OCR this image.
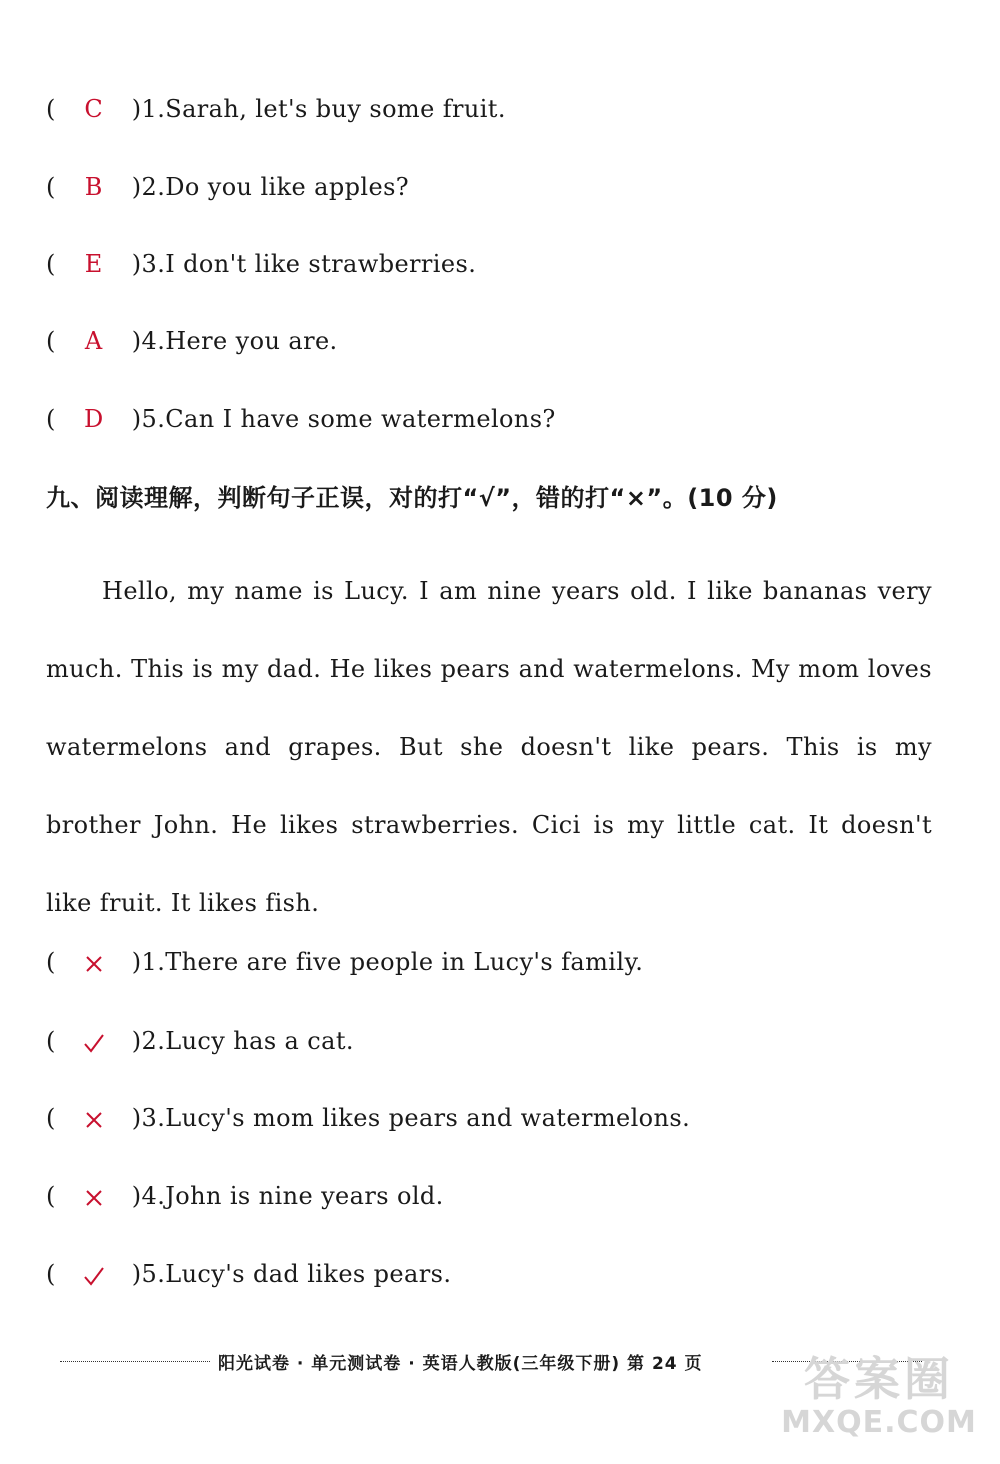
( C )1.Sarah, let's buy some fruit.
( B )2.Do you like apples?
( E )3.I don't like strawberries.
( A )4.Here you are.
( D )5.Can I have some watermelons?
九、阅读理解，判断句子正误，对的打“√”，错的打“×”。(10 分)
Hello, my name is Lucy. I am nine years old. I like bananas very much. This is my dad. He likes pears and watermelons. My mom loves watermelons and grapes. But she doesn't like pears. This is my brother John. He likes strawberries. Cici is my little cat. It doesn't like fruit. It likes fish.
(	)1.There are five people in Lucy's family.
(	)2.Lucy has a cat.
(	)3.Lucy's mom likes pears and watermelons.
(	)4.John is nine years old.
(	)5.Lucy's dad likes pears.
阳光试卷 · 单元测试卷 · 英语人教版(三年级下册) 第 24 页	答案圈
MXQE.COM
